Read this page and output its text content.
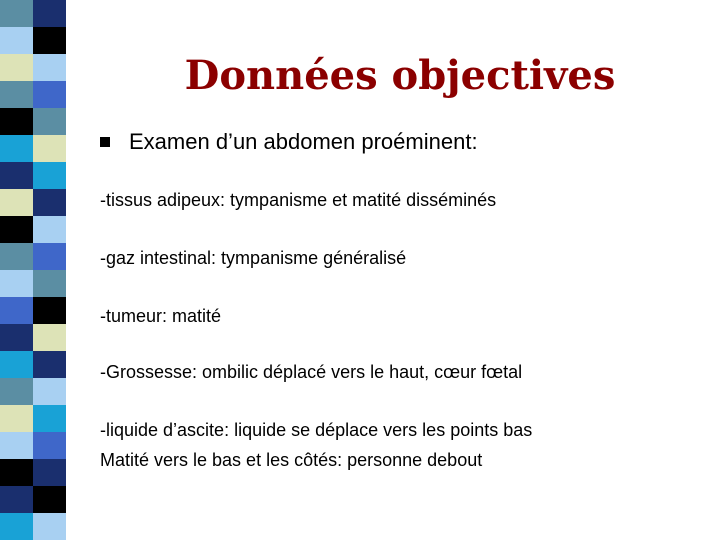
Données objectives
Examen d’un abdomen proéminent:
-tissus adipeux: tympanisme et matité disséminés
-gaz intestinal: tympanisme généralisé
-tumeur: matité
-Grossesse: ombilic déplacé vers le haut, cœur fœtal
-liquide d’ascite: liquide se déplace vers les points bas
Matité vers le bas et les côtés: personne debout
